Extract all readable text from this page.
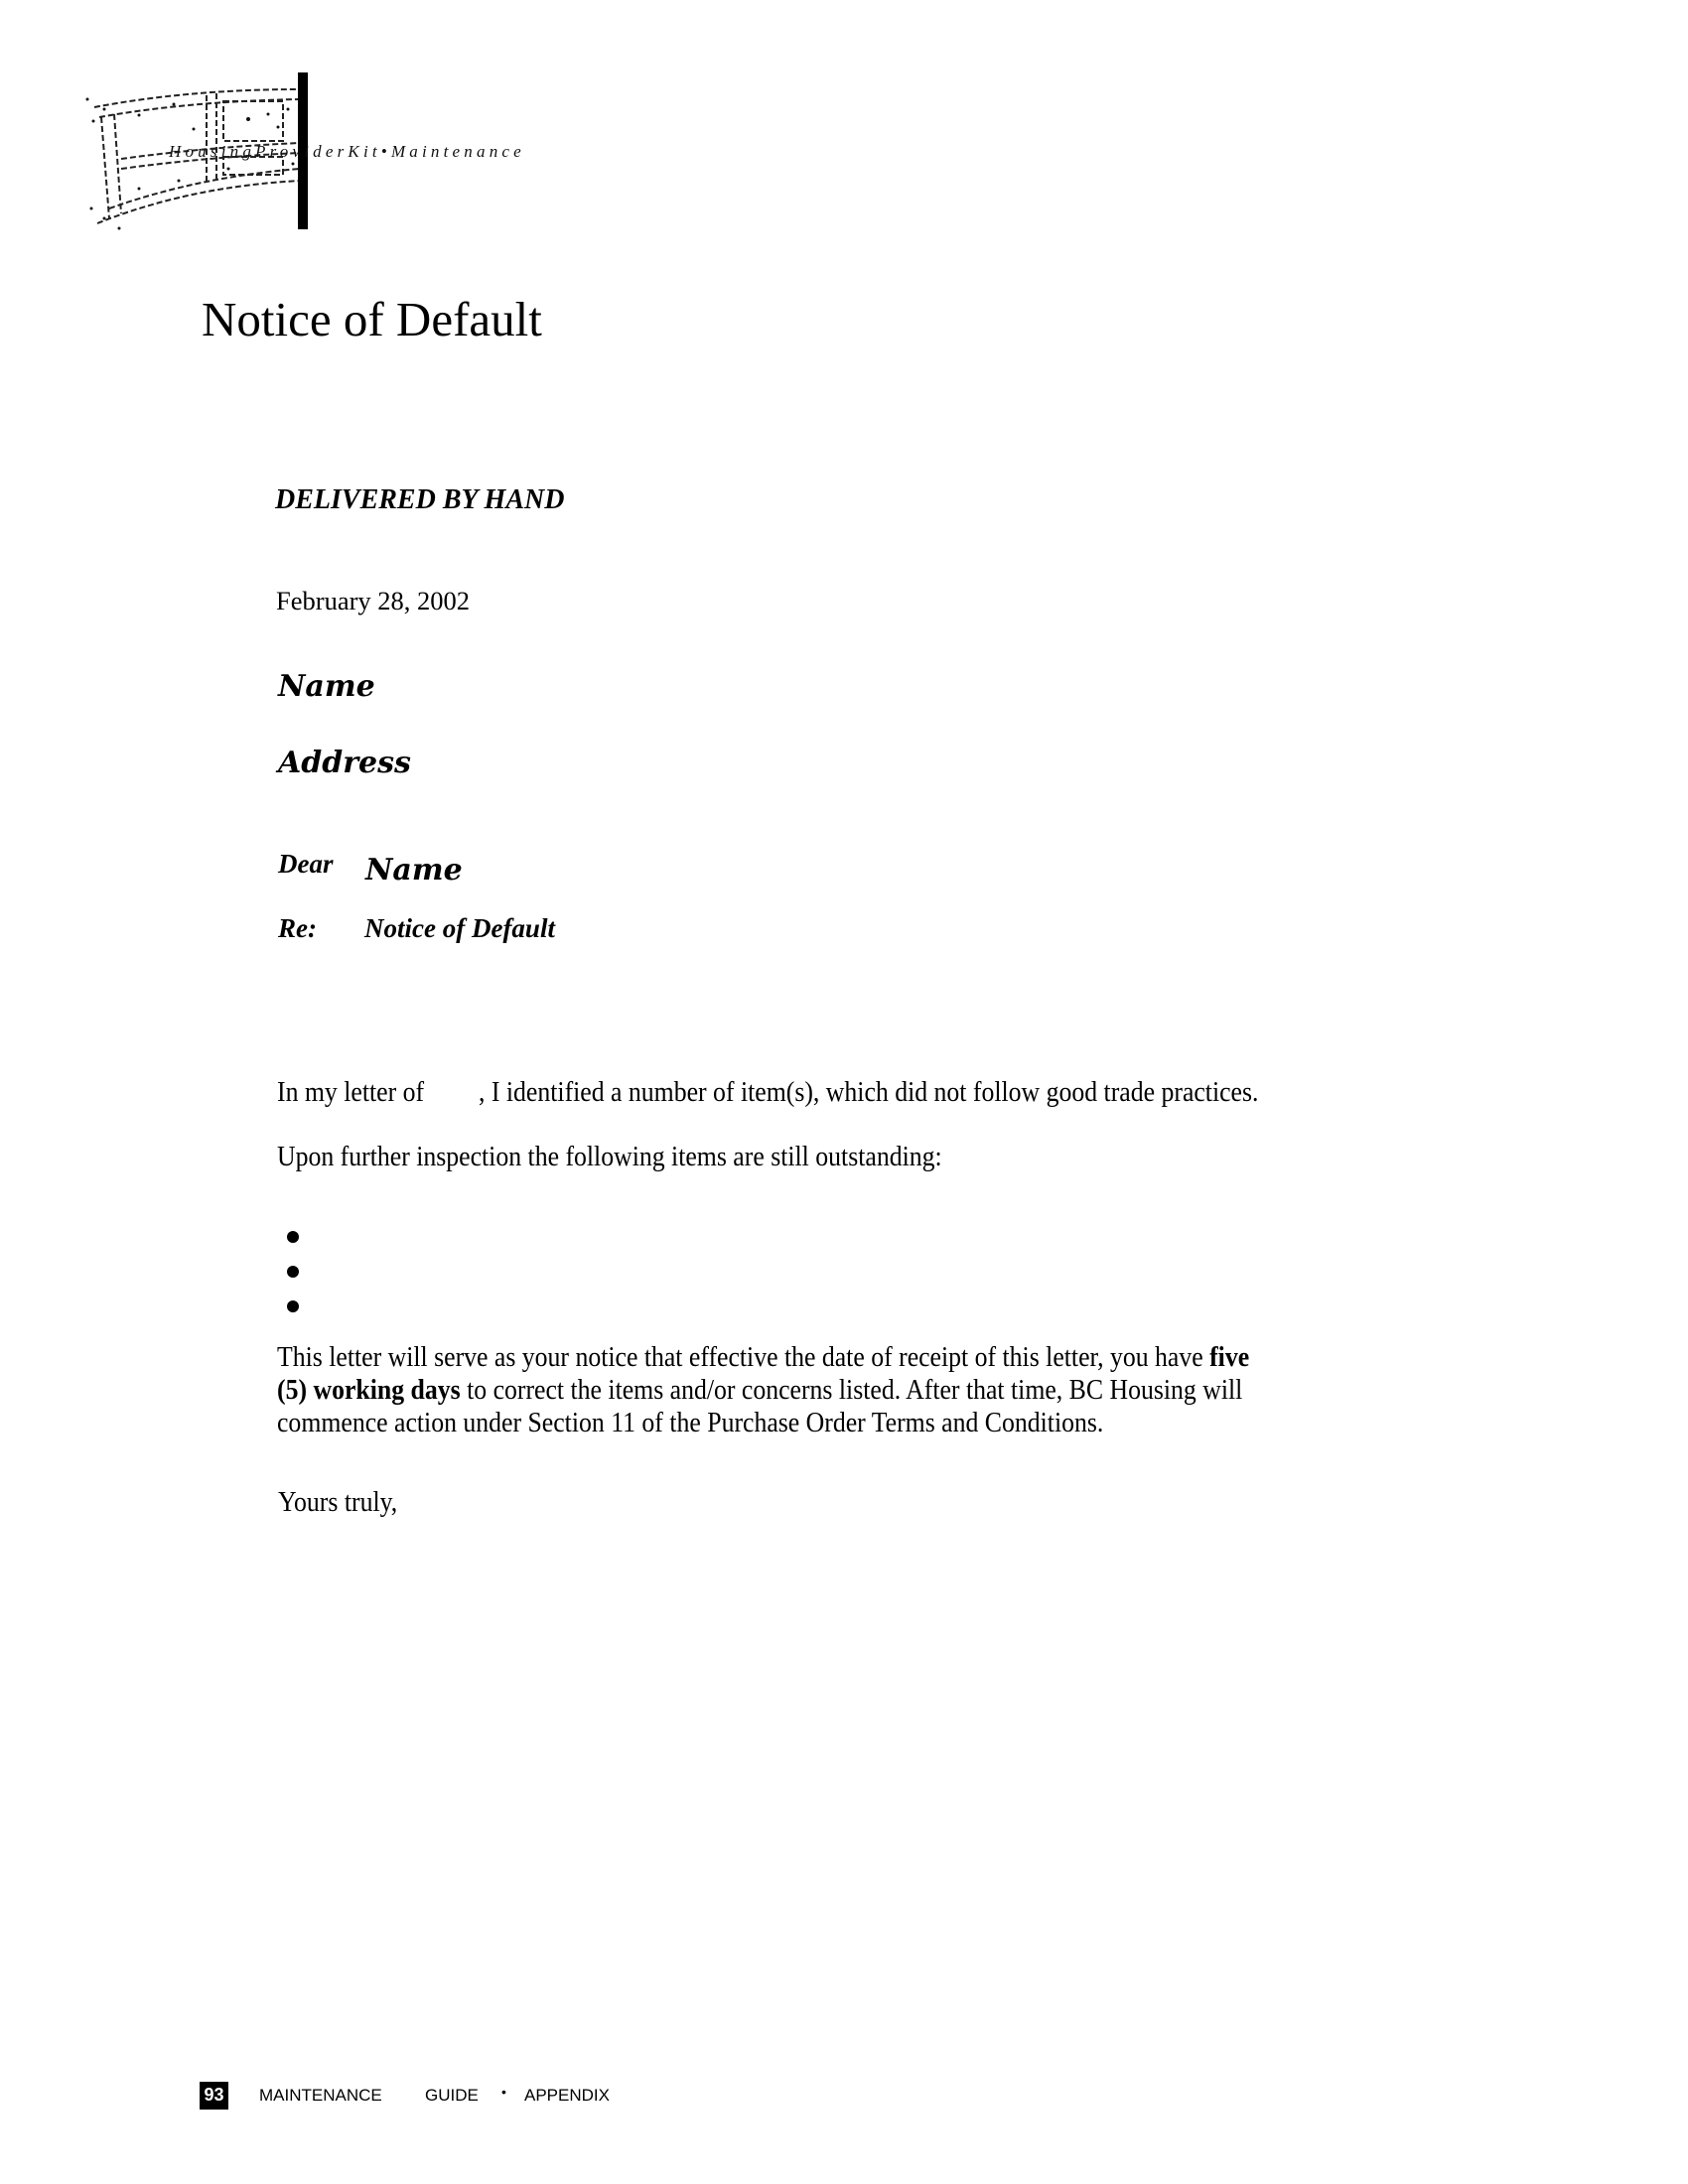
HousingProviderKit•Maintenance
Notice of Default
DELIVERED BY HAND
February 28, 2002
Name
Address
Dear Name
Re: Notice of Default
In my letter of , I identified a number of item(s), which did not follow good trade practices.
Upon further inspection the following items are still outstanding:
This letter will serve as your notice that effective the date of receipt of this letter, you have five
(5) working days to correct the items and/or concerns listed. After that time, BC Housing will
commence action under Section 11 of the Purchase Order Terms and Conditions.
Yours truly,
93 MAINTENANCE	GUIDE • APPENDIX
